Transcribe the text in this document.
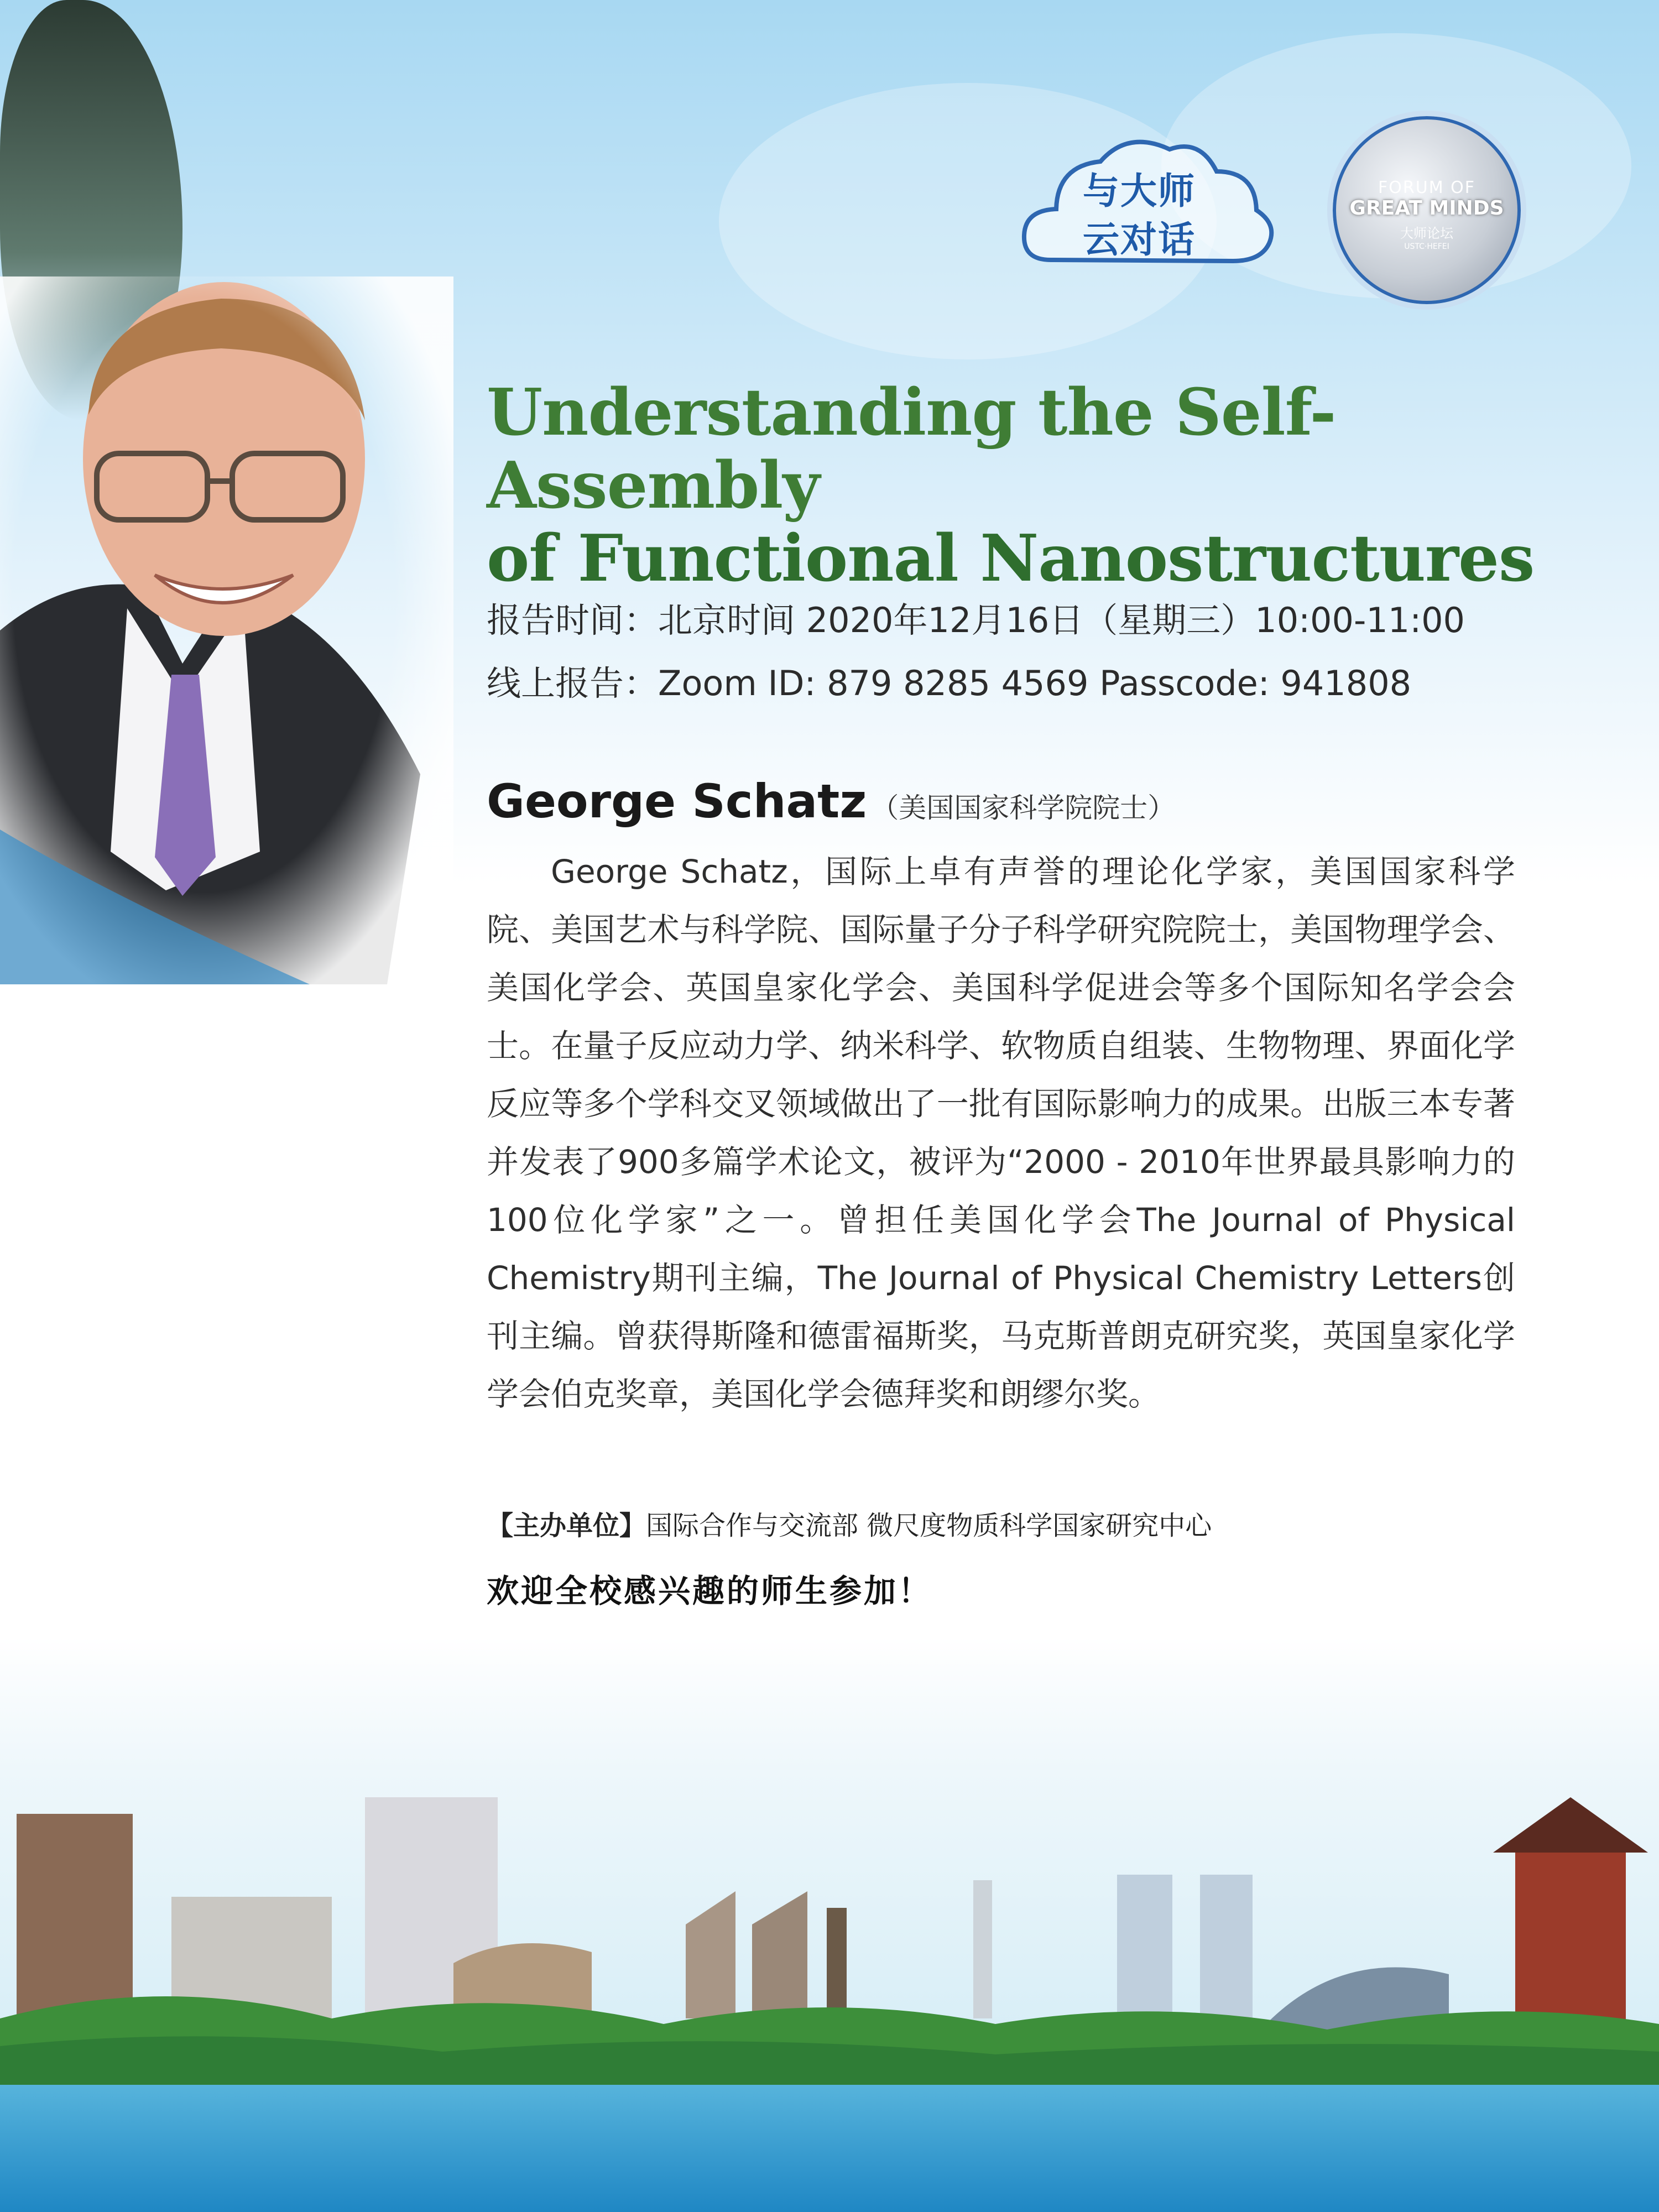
与大师
云对话
FORUM OF
GREAT MINDS
大师论坛
USTC·HEFEI
Understanding the Self-Assembly
of Functional Nanostructures
报告时间：北京时间 2020年12月16日（星期三）10:00-11:00
线上报告：Zoom ID: 879 8285 4569 Passcode: 941808
George Schatz （美国国家科学院院士）

George Schatz，国际上卓有声誉的理论化学家，美国国家科学院、美国艺术与科学院、国际量子分子科学研究院院士，美国物理学会、美国化学会、英国皇家化学会、美国科学促进会等多个国际知名学会会士。在量子反应动力学、纳米科学、软物质自组装、生物物理、界面化学反应等多个学科交叉领域做出了一批有国际影响力的成果。出版三本专著并发表了900多篇学术论文，被评为“2000 - 2010年世界最具影响力的100位化学家”之一。曾担任美国化学会The Journal of Physical Chemistry期刊主编，The Journal of Physical Chemistry Letters创刊主编。曾获得斯隆和德雷福斯奖，马克斯普朗克研究奖，英国皇家化学学会伯克奖章，美国化学会德拜奖和朗缪尔奖。

【主办单位】国际合作与交流部 微尺度物质科学国家研究中心
欢迎全校感兴趣的师生参加！
